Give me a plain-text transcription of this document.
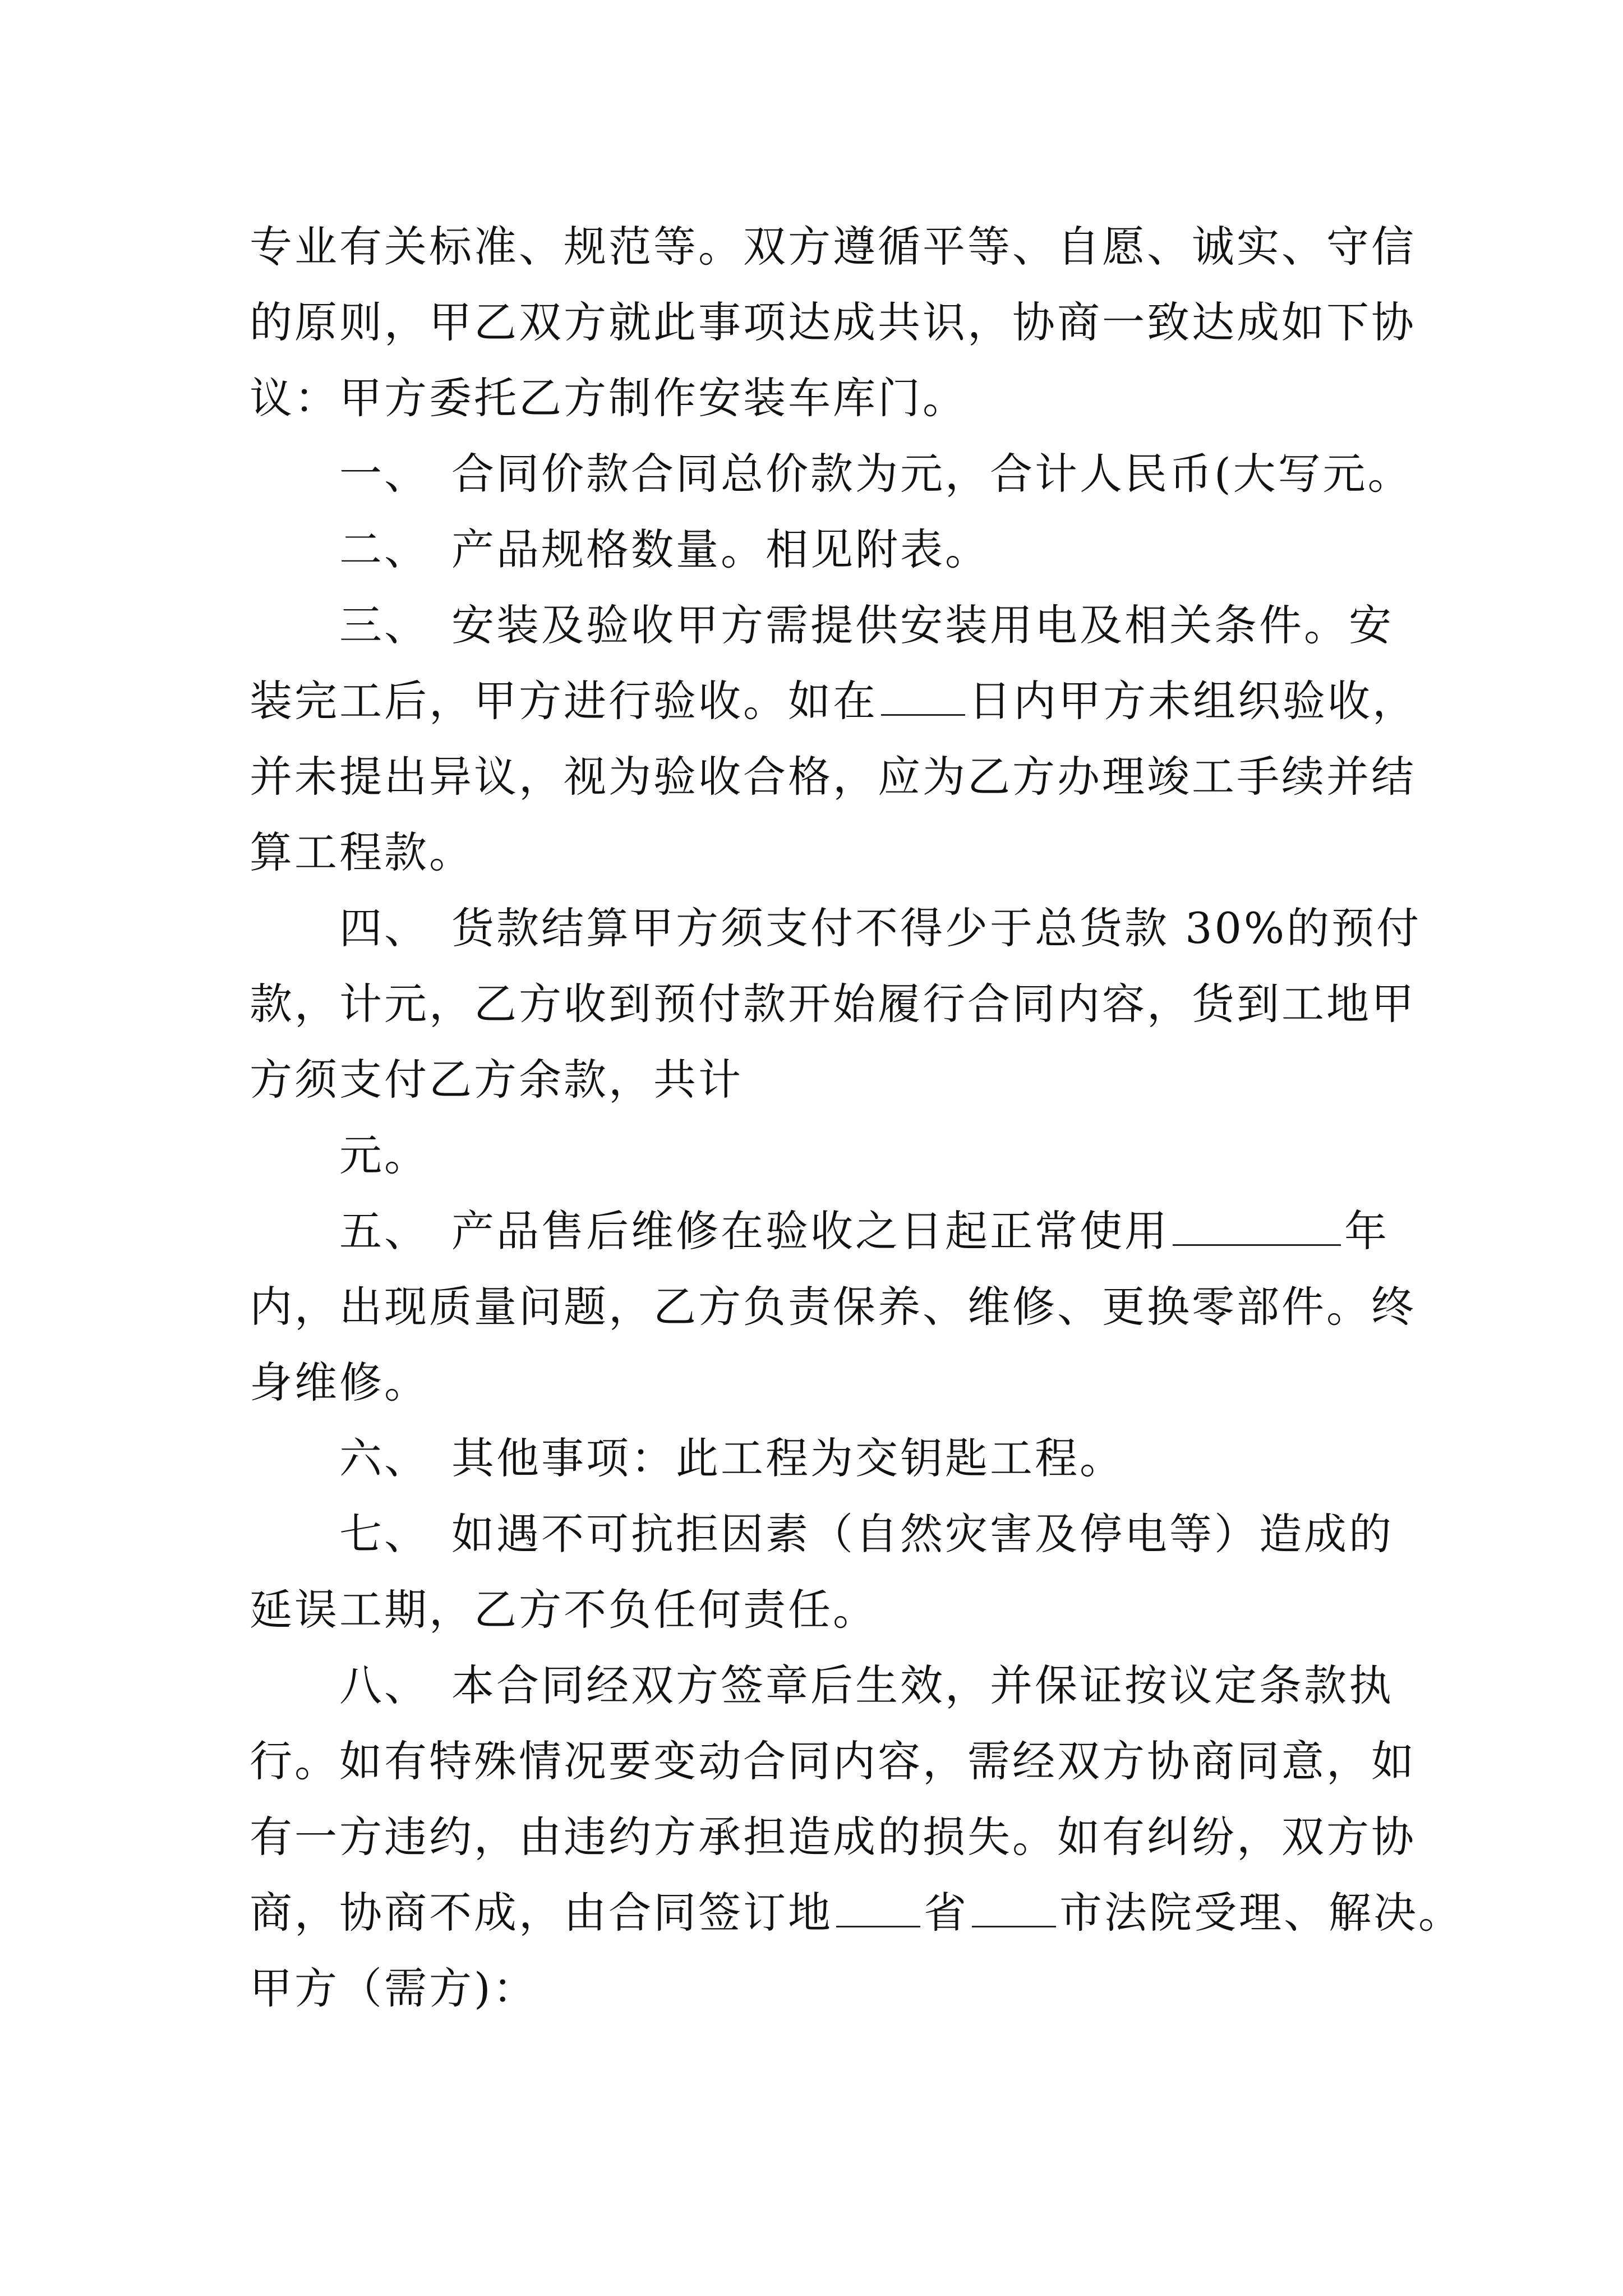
专业有关标准、规范等。双方遵循平等、自愿、诚实、守信
的原则，甲乙双方就此事项达成共识，协商一致达成如下协
议：甲方委托乙方制作安装车库门。
一、 合同价款合同总价款为元，合计人民币(大写元。
二、 产品规格数量。相见附表。
三、 安装及验收甲方需提供安装用电及相关条件。安
装完工后，甲方进行验收。如在 日内甲方未组织验收，
并未提出异议，视为验收合格，应为乙方办理竣工手续并结
算工程款。
四、 货款结算甲方须支付不得少于总货款 30%的预付
款，计元，乙方收到预付款开始履行合同内容，货到工地甲
方须支付乙方余款，共计
元。
五、 产品售后维修在验收之日起正常使用	年
内，出现质量问题，乙方负责保养、维修、更换零部件。终
身维修。
六、 其他事项：此工程为交钥匙工程。
七、 如遇不可抗拒因素（自然灾害及停电等）造成的
延误工期，乙方不负任何责任。
八、 本合同经双方签章后生效，并保证按议定条款执
行。如有特殊情况要变动合同内容，需经双方协商同意，如
有一方违约，由违约方承担造成的损失。如有纠纷，双方协
商，协商不成，由合同签订地 省 市法院受理、解决。
甲方（需方)：
